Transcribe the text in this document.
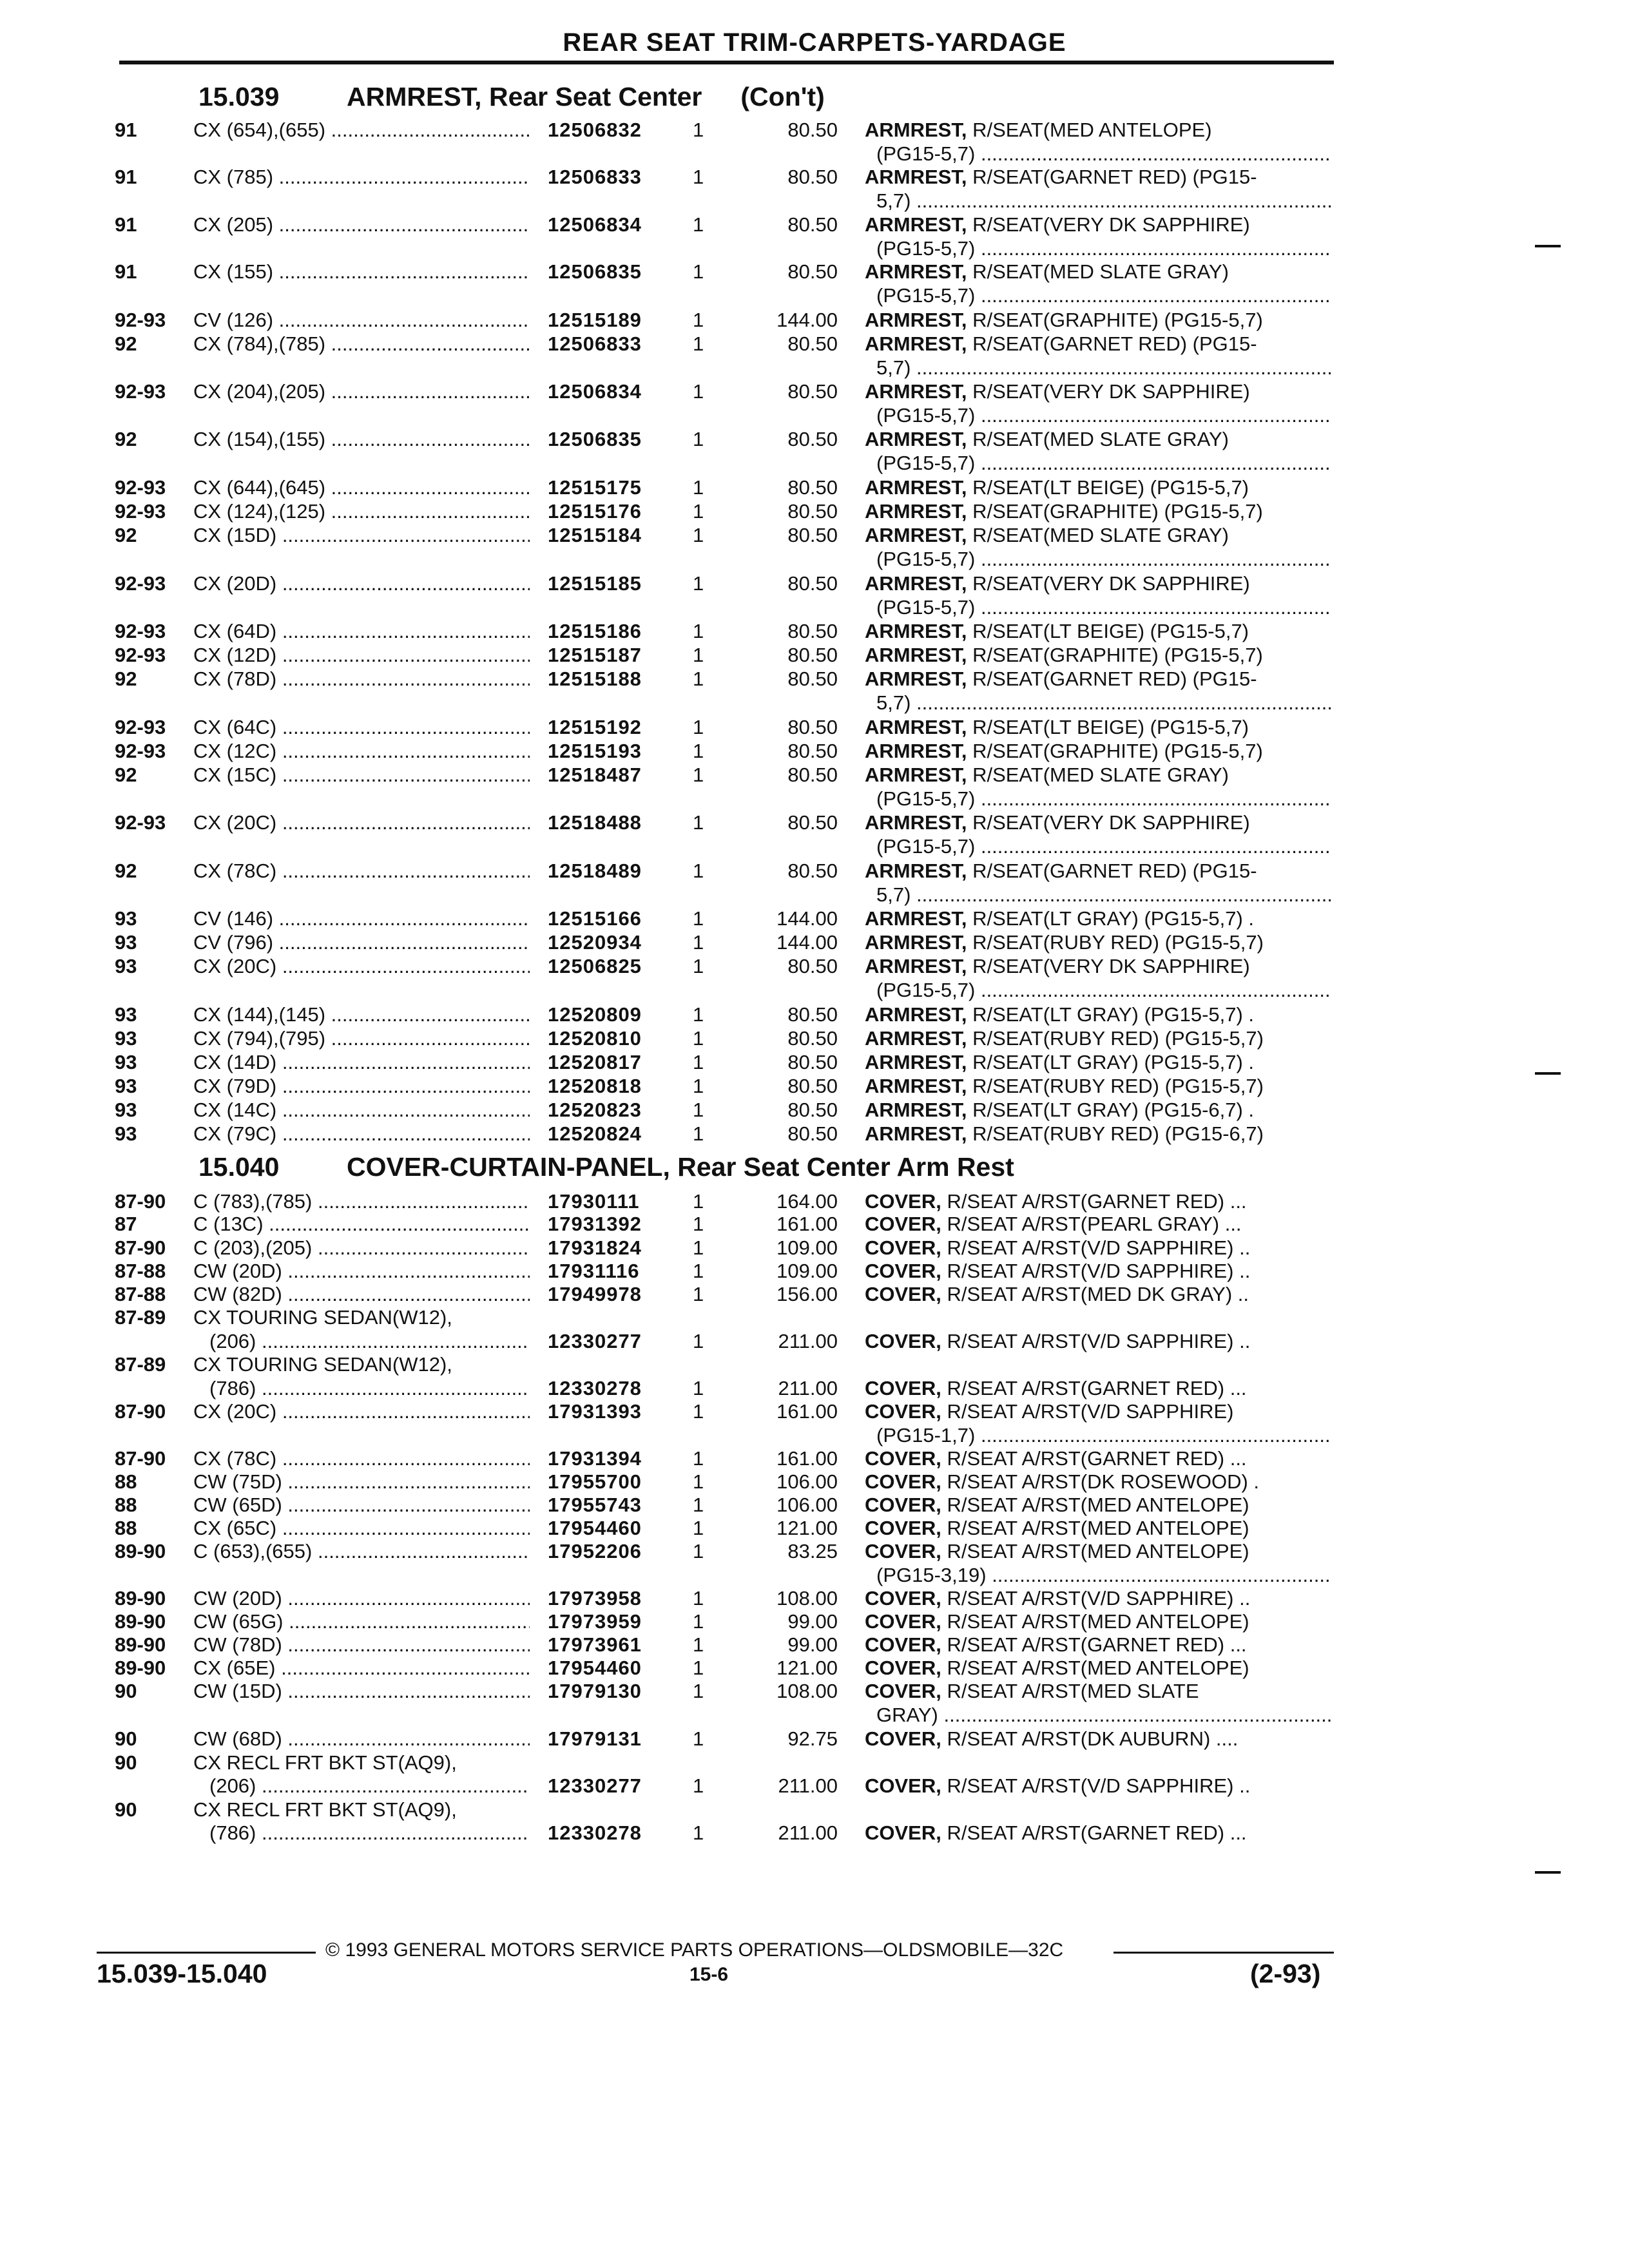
REAR SEAT TRIM-CARPETS-YARDAGE
15.039	ARMREST, Rear Seat Center (Con't)
15.040	COVER-CURTAIN-PANEL, Rear Seat Center Arm Rest
91	CX (654),(655) .....	12506832	1	80.50 ARMREST, R/SEAT(MED ANTELOPE)
(PG15-5,7) .....
91	CX (785) .....	12506833	1	80.50 ARMREST, R/SEAT(GARNET RED) (PG15-
5,7) .....
91	CX (205) .....	12506834	1	80.50 ARMREST, R/SEAT(VERY DK SAPPHIRE)
(PG15-5,7) .....
91	CX (155) .....	12506835	1	80.50 ARMREST, R/SEAT(MED SLATE GRAY)
(PG15-5,7) .....
92-93 CV (126) .....	12515189	1	144.00 ARMREST, R/SEAT(GRAPHITE) (PG15-5,7)
92	CX (784),(785) .....	12506833	1	80.50 ARMREST, R/SEAT(GARNET RED) (PG15-
5,7) .....
92-93 CX (204),(205) .....	12506834	1	80.50 ARMREST, R/SEAT(VERY DK SAPPHIRE)
(PG15-5,7) .....
92	CX (154),(155) .....	12506835	1	80.50 ARMREST, R/SEAT(MED SLATE GRAY)
(PG15-5,7) .....
92-93 CX (644),(645) .....	12515175	1	80.50 ARMREST, R/SEAT(LT BEIGE) (PG15-5,7)
92-93 CX (124),(125) .....	12515176	1	80.50 ARMREST, R/SEAT(GRAPHITE) (PG15-5,7)
92	CX (15D) .....	12515184	1	80.50 ARMREST, R/SEAT(MED SLATE GRAY)
(PG15-5,7) .....
92-93 CX (20D) .....	12515185	1	80.50 ARMREST, R/SEAT(VERY DK SAPPHIRE)
(PG15-5,7) .....
92-93 CX (64D) .....	12515186	1	80.50 ARMREST, R/SEAT(LT BEIGE) (PG15-5,7)
92-93 CX (12D) .....	12515187	1	80.50 ARMREST, R/SEAT(GRAPHITE) (PG15-5,7)
92	CX (78D) .....	12515188	1	80.50 ARMREST, R/SEAT(GARNET RED) (PG15-
5,7) .....
92-93 CX (64C) .....	12515192	1	80.50 ARMREST, R/SEAT(LT BEIGE) (PG15-5,7)
92-93 CX (12C) .....	12515193	1	80.50 ARMREST, R/SEAT(GRAPHITE) (PG15-5,7)
92	CX (15C) .....	12518487	1	80.50 ARMREST, R/SEAT(MED SLATE GRAY)
(PG15-5,7) .....
92-93 CX (20C) .....	12518488	1	80.50 ARMREST, R/SEAT(VERY DK SAPPHIRE)
(PG15-5,7) .....
92	CX (78C) .....	12518489	1	80.50 ARMREST, R/SEAT(GARNET RED) (PG15-
5,7) .....
93	CV (146) .....	12515166	1	144.00 ARMREST, R/SEAT(LT GRAY) (PG15-5,7) .
93	CV (796) .....	12520934	1	144.00 ARMREST, R/SEAT(RUBY RED) (PG15-5,7)
93	CX (20C) .....	12506825	1	80.50 ARMREST, R/SEAT(VERY DK SAPPHIRE)
(PG15-5,7) .....
93	CX (144),(145) .....	12520809	1	80.50 ARMREST, R/SEAT(LT GRAY) (PG15-5,7) .
93	CX (794),(795) .....	12520810	1	80.50 ARMREST, R/SEAT(RUBY RED) (PG15-5,7)
93	CX (14D) .....	12520817	1	80.50 ARMREST, R/SEAT(LT GRAY) (PG15-5,7) .
93	CX (79D) .....	12520818	1	80.50 ARMREST, R/SEAT(RUBY RED) (PG15-5,7)
93	CX (14C) .....	12520823	1	80.50 ARMREST, R/SEAT(LT GRAY) (PG15-6,7) .
93	CX (79C) .....	12520824	1	80.50 ARMREST, R/SEAT(RUBY RED) (PG15-6,7)
87-90 C (783),(785) .....	17930111	1	164.00 COVER, R/SEAT A/RST(GARNET RED) ...
87	C (13C) .....	17931392	1	161.00 COVER, R/SEAT A/RST(PEARL GRAY) ...
87-90 C (203),(205) .....	17931824	1	109.00 COVER, R/SEAT A/RST(V/D SAPPHIRE) ..
87-88 CW (20D) .....	17931116	1	109.00 COVER, R/SEAT A/RST(V/D SAPPHIRE) ..
87-88 CW (82D) .....	17949978	1	156.00 COVER, R/SEAT A/RST(MED DK GRAY) ..
87-89 CX TOURING SEDAN(W12),
(206) .....	12330277	1	211.00 COVER, R/SEAT A/RST(V/D SAPPHIRE) ..
87-89 CX TOURING SEDAN(W12),
(786) .....	12330278	1	211.00 COVER, R/SEAT A/RST(GARNET RED) ...
87-90 CX (20C) .....	17931393	1	161.00 COVER, R/SEAT A/RST(V/D SAPPHIRE)
(PG15-1,7) .....
87-90 CX (78C) .....	17931394	1	161.00 COVER, R/SEAT A/RST(GARNET RED) ...
88	CW (75D) .....	17955700	1	106.00 COVER, R/SEAT A/RST(DK ROSEWOOD) .
88	CW (65D) .....	17955743	1	106.00 COVER, R/SEAT A/RST(MED ANTELOPE)
88	CX (65C) .....	17954460	1	121.00 COVER, R/SEAT A/RST(MED ANTELOPE)
89-90 C (653),(655) .....	17952206	1	83.25 COVER, R/SEAT A/RST(MED ANTELOPE)
(PG15-3,19) .....
89-90 CW (20D) .....	17973958	1	108.00 COVER, R/SEAT A/RST(V/D SAPPHIRE) ..
89-90 CW (65G) .....	17973959	1	99.00 COVER, R/SEAT A/RST(MED ANTELOPE)
89-90 CW (78D) .....	17973961	1	99.00 COVER, R/SEAT A/RST(GARNET RED) ...
89-90 CX (65E) .....	17954460	1	121.00 COVER, R/SEAT A/RST(MED ANTELOPE)
90	CW (15D) .....	17979130	1	108.00 COVER, R/SEAT A/RST(MED SLATE
GRAY) .....
90	CW (68D) .....	17979131	1	92.75 COVER, R/SEAT A/RST(DK AUBURN) ....
90	CX RECL FRT BKT ST(AQ9),
(206) .....	12330277	1	211.00 COVER, R/SEAT A/RST(V/D SAPPHIRE) ..
90	CX RECL FRT BKT ST(AQ9),
(786) .....	12330278	1	211.00 COVER, R/SEAT A/RST(GARNET RED) ...
© 1993 GENERAL MOTORS SERVICE PARTS OPERATIONS—OLDSMOBILE—32C
15.039-15.040	15-6	(2-93)
